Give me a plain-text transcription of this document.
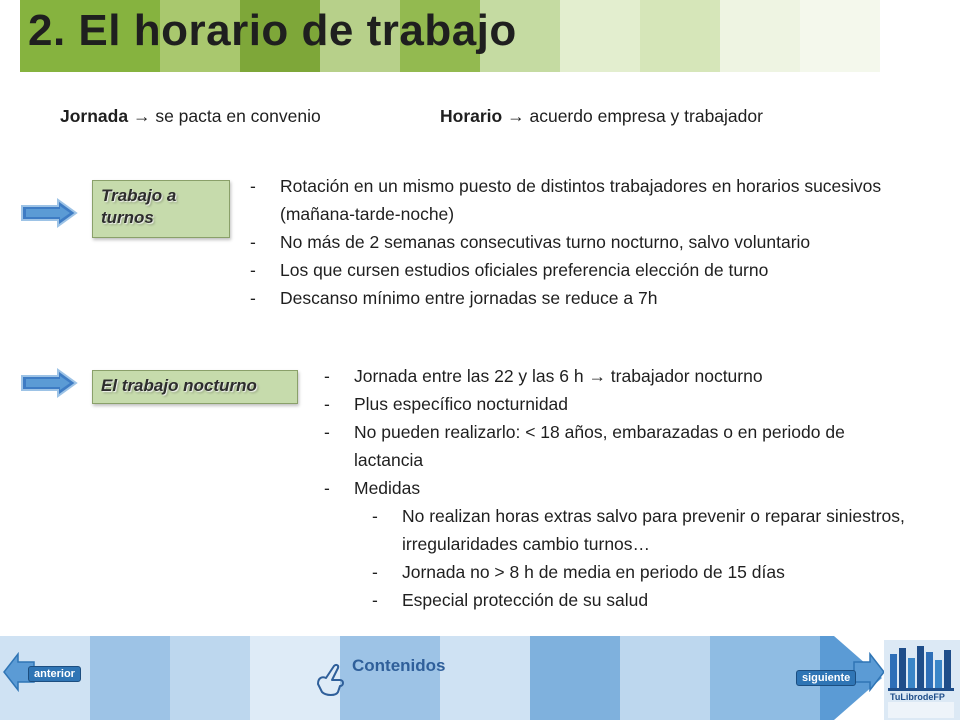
2. El horario de trabajo
Jornada → se pacta en convenio	Horario → acuerdo empresa y trabajador
Trabajo a
turnos
- Rotación en un mismo puesto de distintos trabajadores en horarios sucesivos (mañana-tarde-noche)
- No más de 2 semanas consecutivas turno nocturno, salvo voluntario
- Los que cursen estudios oficiales preferencia elección de turno
- Descanso mínimo entre jornadas se reduce a 7h
El trabajo nocturno	- Jornada entre las 22 y las 6 h → trabajador nocturno
- Plus específico nocturnidad
- No pueden realizarlo: < 18 años, embarazadas o en periodo de lactancia
- Medidas
- No realizan horas extras salvo para prevenir o reparar siniestros, irregularidades cambio turnos…
- Jornada no > 8 h de media en periodo de 15 días
- Especial protección de su salud
anterior	Contenidos
siguiente
TuLibrodeFP
